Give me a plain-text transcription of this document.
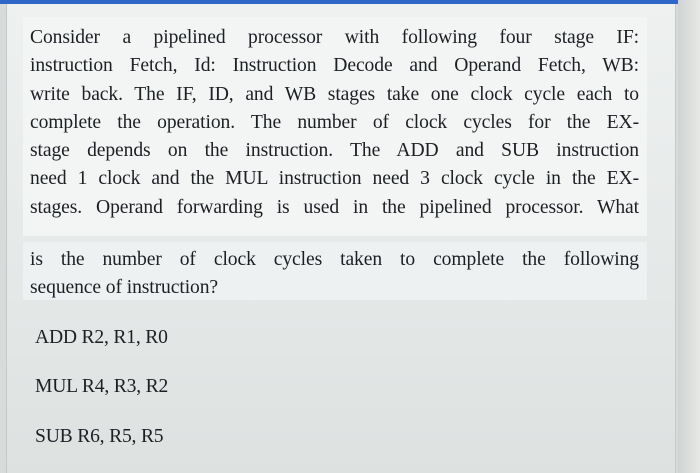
Consider a pipelined processor with following four stage IF:
instruction Fetch, Id: Instruction Decode and Operand Fetch, WB:
write back. The IF, ID, and WB stages take one clock cycle each to
complete the operation. The number of clock cycles for the EX-
stage depends on the instruction. The ADD and SUB instruction
need 1 clock and the MUL instruction need 3 clock cycle in the EX-
stages. Operand forwarding is used in the pipelined processor. What

is the number of clock cycles taken to complete the following
sequence of instruction?

ADD R2, R1, R0
MUL R4, R3, R2
SUB R6, R5, R5
